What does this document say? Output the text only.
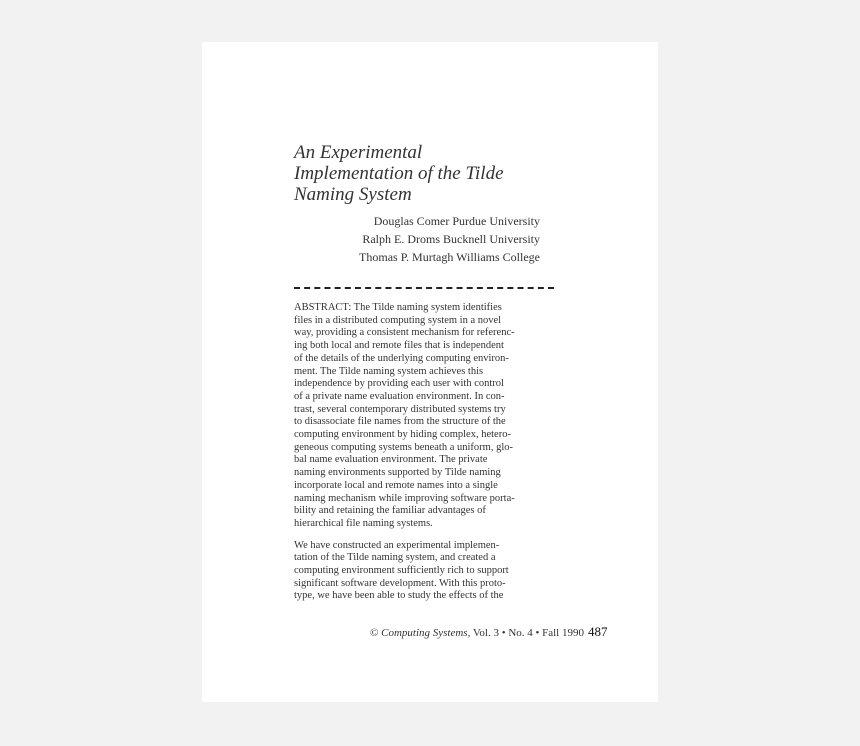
An Experimental
Implementation of the Tilde
Naming System
Douglas Comer Purdue University
Ralph E. Droms Bucknell University
Thomas P. Murtagh Williams College
ABSTRACT: The Tilde naming system identifies
files in a distributed computing system in a novel
way, providing a consistent mechanism for referenc-
ing both local and remote files that is independent
of the details of the underlying computing environ-
ment. The Tilde naming system achieves this
independence by providing each user with control
of a private name evaluation environment. In con-
trast, several contemporary distributed systems try
to disassociate file names from the structure of the
computing environment by hiding complex, hetero-
geneous computing systems beneath a uniform, glo-
bal name evaluation environment. The private
naming environments supported by Tilde naming
incorporate local and remote names into a single
naming mechanism while improving software porta-
bility and retaining the familiar advantages of
hierarchical file naming systems.
We have constructed an experimental implemen-
tation of the Tilde naming system, and created a
computing environment sufficiently rich to support
significant software development. With this proto-
type, we have been able to study the effects of the
© Computing Systems, Vol. 3 • No. 4 • Fall 1990 487
